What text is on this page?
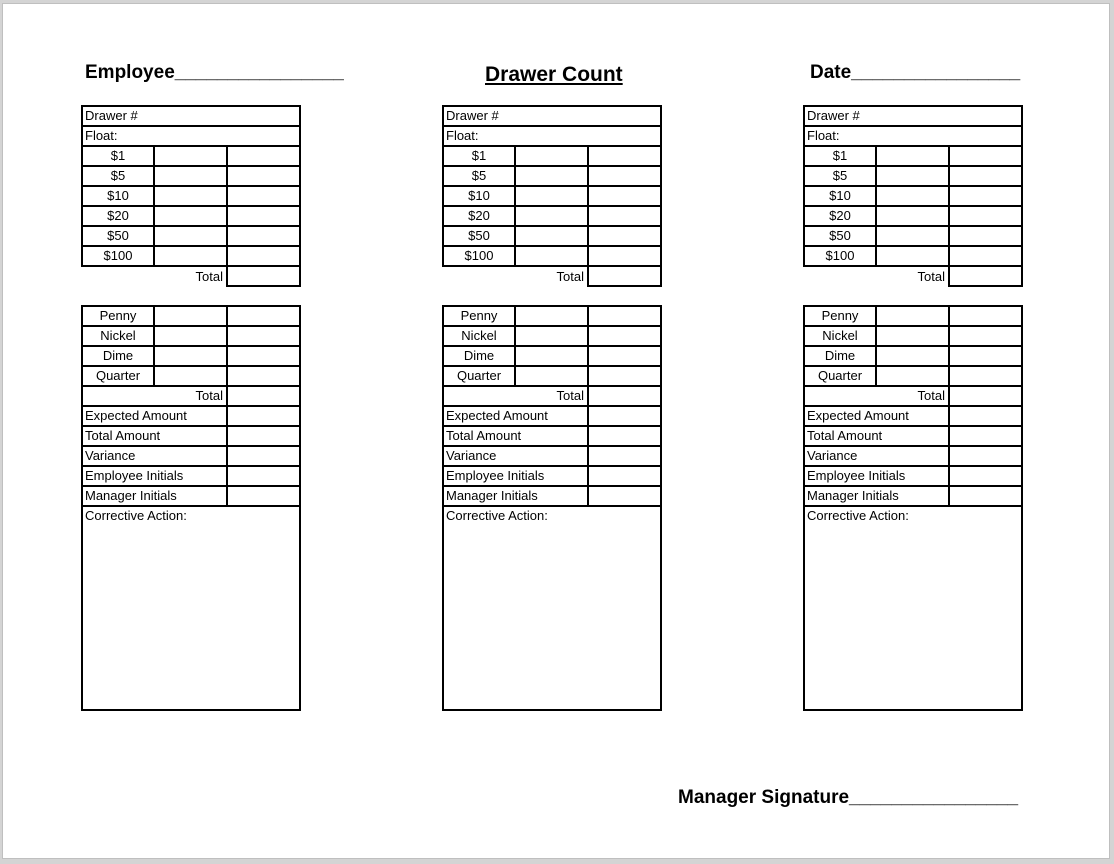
Employee________________	Drawer Count	Date________________
Drawer #		
Float:		
$1		
$5		
$10		
$20		
$50		
$100		
Total		

Penny		
Nickel		
Dime		
Quarter		
Total		
Expected Amount		
Total Amount		
Variance		
Employee Initials		
Manager Initials		
Corrective Action:		
Drawer #		
Float:		
$1		
$5		
$10		
$20		
$50		
$100		
Total		

Penny		
Nickel		
Dime		
Quarter		
Total		
Expected Amount		
Total Amount		
Variance		
Employee Initials		
Manager Initials		
Corrective Action:		
Drawer #		
Float:		
$1		
$5		
$10		
$20		
$50		
$100		
Total		

Penny		
Nickel		
Dime		
Quarter		
Total		
Expected Amount		
Total Amount		
Variance		
Employee Initials		
Manager Initials		
Corrective Action:		
Manager Signature________________
